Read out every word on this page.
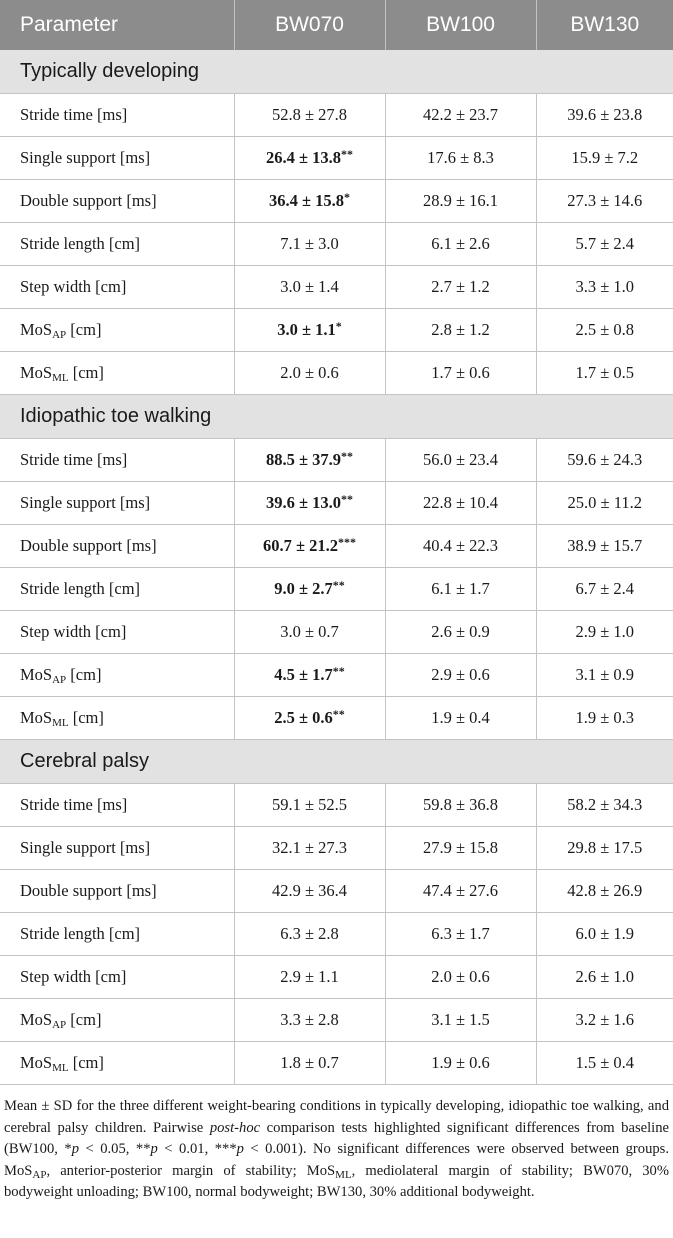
Parameter	BW070	BW100	BW130
Typically developing			
Stride time [ms]	52.8 ± 27.8	42.2 ± 23.7	39.6 ± 23.8
Single support [ms]	26.4 ± 13.8**	17.6 ± 8.3	15.9 ± 7.2
Double support [ms]	36.4 ± 15.8*	28.9 ± 16.1	27.3 ± 14.6
Stride length [cm]	7.1 ± 3.0	6.1 ± 2.6	5.7 ± 2.4
Step width [cm]	3.0 ± 1.4	2.7 ± 1.2	3.3 ± 1.0
MoS$_{AP}$ [cm]	3.0 ± 1.1*	2.8 ± 1.2	2.5 ± 0.8
MoS$_{ML}$ [cm]	2.0 ± 0.6	1.7 ± 0.6	1.7 ± 0.5
Idiopathic toe walking			
Stride time [ms]	88.5 ± 37.9**	56.0 ± 23.4	59.6 ± 24.3
Single support [ms]	39.6 ± 13.0**	22.8 ± 10.4	25.0 ± 11.2
Double support [ms]	60.7 ± 21.2***	40.4 ± 22.3	38.9 ± 15.7
Stride length [cm]	9.0 ± 2.7**	6.1 ± 1.7	6.7 ± 2.4
Step width [cm]	3.0 ± 0.7	2.6 ± 0.9	2.9 ± 1.0
MoS$_{AP}$ [cm]	4.5 ± 1.7**	2.9 ± 0.6	3.1 ± 0.9
MoS$_{ML}$ [cm]	2.5 ± 0.6**	1.9 ± 0.4	1.9 ± 0.3
Cerebral palsy			
Stride time [ms]	59.1 ± 52.5	59.8 ± 36.8	58.2 ± 34.3
Single support [ms]	32.1 ± 27.3	27.9 ± 15.8	29.8 ± 17.5
Double support [ms]	42.9 ± 36.4	47.4 ± 27.6	42.8 ± 26.9
Stride length [cm]	6.3 ± 2.8	6.3 ± 1.7	6.0 ± 1.9
Step width [cm]	2.9 ± 1.1	2.0 ± 0.6	2.6 ± 1.0
MoS$_{AP}$ [cm]	3.3 ± 2.8	3.1 ± 1.5	3.2 ± 1.6
MoS$_{ML}$ [cm]	1.8 ± 0.7	1.9 ± 0.6	1.5 ± 0.4
Mean ± SD for the three different weight-bearing conditions in typically developing, idiopathic toe walking, and cerebral palsy children. Pairwise post-hoc comparison tests highlighted significant differences from baseline (BW100, *p < 0.05, **p < 0.01, ***p < 0.001). No significant differences were observed between groups. MoS$_{AP}$, anterior-posterior margin of stability; MoS$_{ML}$, mediolateral margin of stability; BW070, 30% bodyweight unloading; BW100, normal bodyweight; BW130, 30% additional bodyweight.
